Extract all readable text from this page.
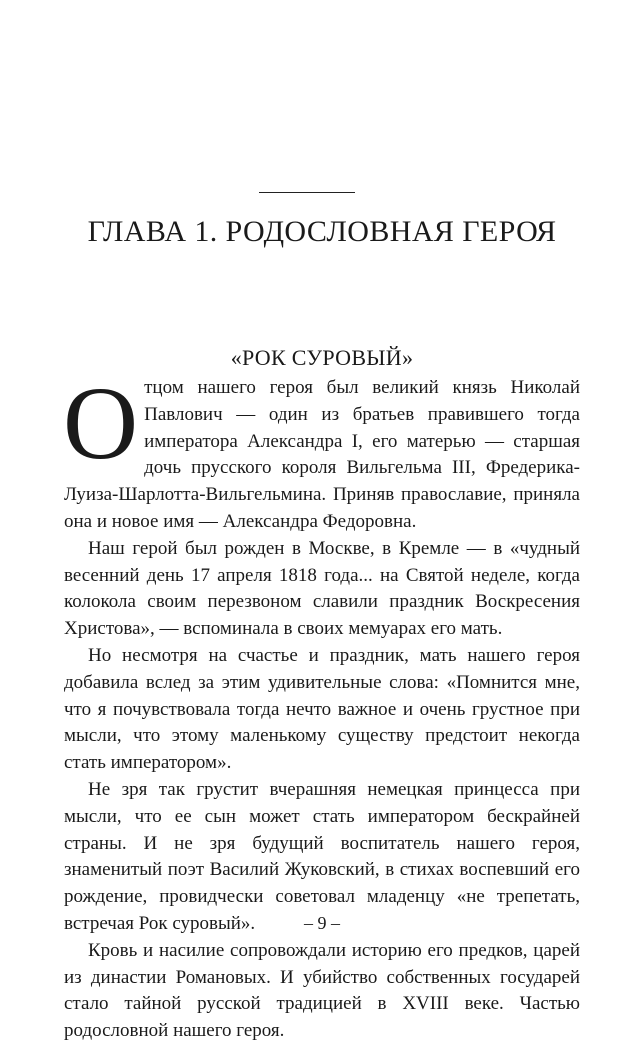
ГЛАВА 1. РОДОСЛОВНАЯ ГЕРОЯ
«РОК СУРОВЫЙ»

Отцом нашего героя был великий князь Николай Павлович — один из братьев правившего тогда императора Александра I, его матерью — старшая дочь прусского короля Вильгельма III, Фредерика-Луиза-Шарлотта-Вильгельмина. Приняв православие, приняла она и новое имя — Александра Федоровна.

Наш герой был рожден в Москве, в Кремле — в «чудный весенний день 17 апреля 1818 года... на Святой неделе, когда колокола своим перезвоном славили праздник Воскресения Христова», — вспоминала в своих мемуарах его мать.

Но несмотря на счастье и праздник, мать нашего героя добавила вслед за этим удивительные слова: «Помнится мне, что я почувствовала тогда нечто важное и очень грустное при мысли, что этому маленькому существу предстоит некогда стать императором».

Не зря так грустит вчерашняя немецкая принцесса при мысли, что ее сын может стать императором бескрайней страны. И не зря будущий воспитатель нашего героя, знаменитый поэт Василий Жуковский, в стихах воспевший его рождение, провидчески советовал младенцу «не трепетать, встречая Рок суровый».

Кровь и насилие сопровождали историю его предков, царей из династии Романовых. И убийство собственных государей стало тайной русской традицией в XVIII веке. Частью родословной нашего героя.

– 9 –
